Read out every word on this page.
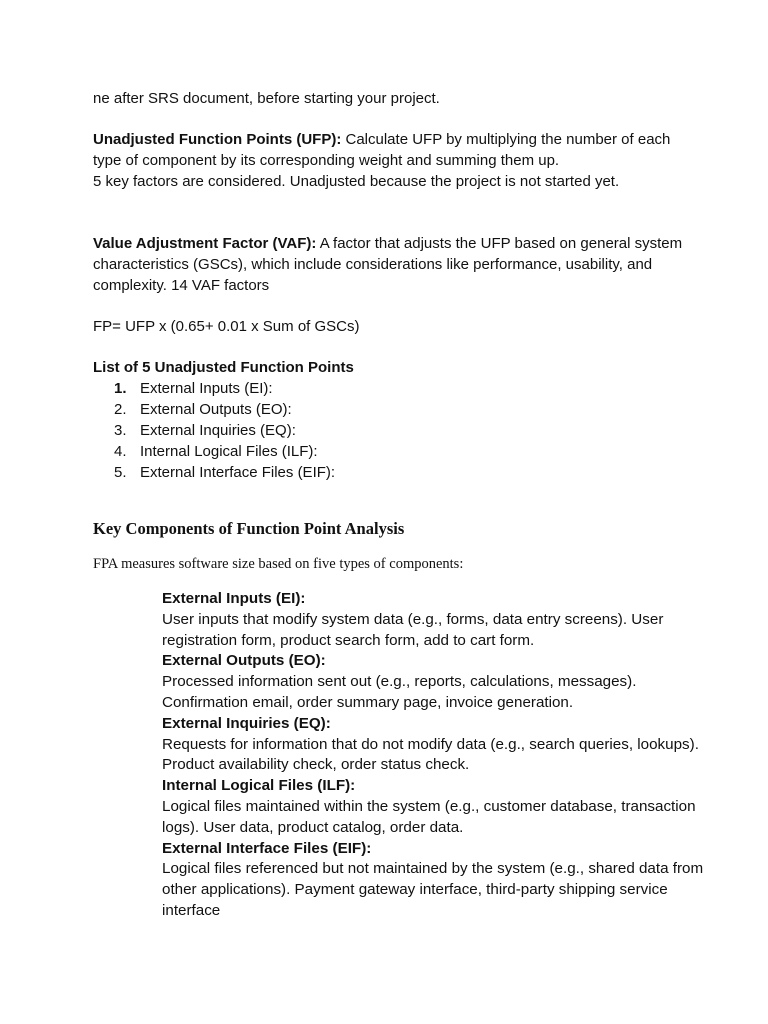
ne after SRS document, before starting your project.

Unadjusted Function Points (UFP): Calculate UFP by multiplying the number of each type of component by its corresponding weight and summing them up.
5 key factors are considered. Unadjusted because the project is not started yet.

Value Adjustment Factor (VAF): A factor that adjusts the UFP based on general system characteristics (GSCs), which include considerations like performance, usability, and complexity. 14 VAF factors

FP= UFP x (0.65+ 0.01 x Sum of GSCs)

List of 5 Unadjusted Function Points

1. External Inputs (EI):
2. External Outputs (EO):
3. External Inquiries (EQ):
4. Internal Logical Files (ILF):
5. External Interface Files (EIF):
Key Components of Function Point Analysis

FPA measures software size based on five types of components:

External Inputs (EI):
User inputs that modify system data (e.g., forms, data entry screens). User registration form, product search form, add to cart form.
External Outputs (EO):
Processed information sent out (e.g., reports, calculations, messages). Confirmation email, order summary page, invoice generation.
External Inquiries (EQ):
Requests for information that do not modify data (e.g., search queries, lookups). Product availability check, order status check.
Internal Logical Files (ILF):
Logical files maintained within the system (e.g., customer database, transaction logs). User data, product catalog, order data.
External Interface Files (EIF):
Logical files referenced but not maintained by the system (e.g., shared data from other applications). Payment gateway interface, third-party shipping service interface
